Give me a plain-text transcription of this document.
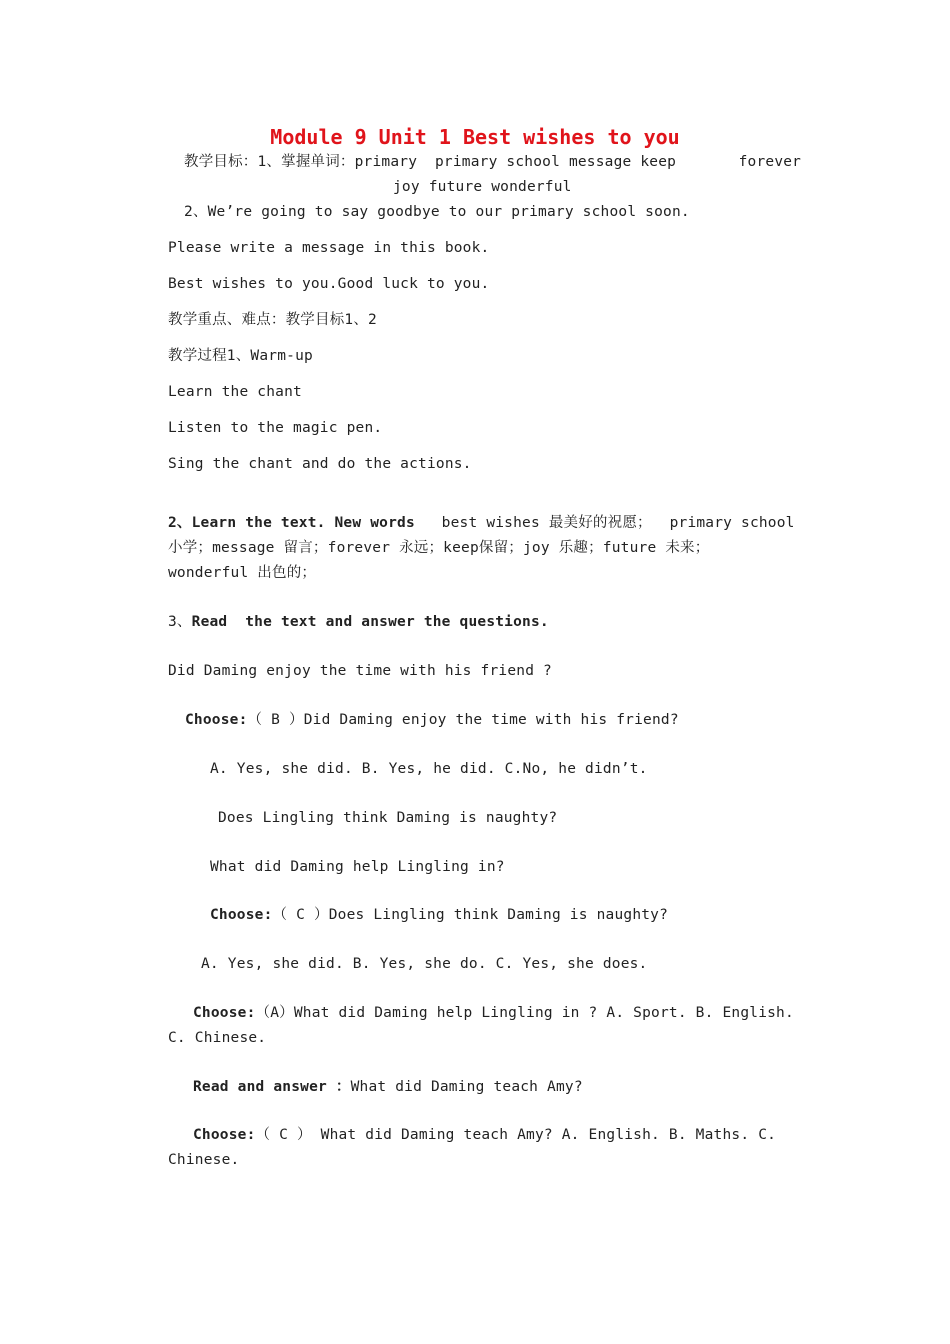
Module 9 Unit 1 Best wishes to you
教学目标：1、掌握单词：primary  primary school message keep       forever
joy future wonderful
2、We’re going to say goodbye to our primary school soon.
Please write a message in this book.
Best wishes to you.Good luck to you.
教学重点、难点：教学目标1、2
教学过程1、Warm-up
Learn the chant
Listen to the magic pen.
Sing the chant and do the actions.
2、Learn the text. New words   best wishes 最美好的祝愿；  primary school
小学；message 留言；forever 永远；keep保留；joy 乐趣；future 未来；
wonderful 出色的；
3、Read  the text and answer the questions.
Did Daming enjoy the time with his friend ?
Choose:（ B ）Did Daming enjoy the time with his friend?
A. Yes, she did. B. Yes, he did. C.No, he didn’t.
Does Lingling think Daming is naughty?
What did Daming help Lingling in?
Choose:（ C ）Does Lingling think Daming is naughty?
A. Yes, she did. B. Yes, she do. C. Yes, she does.
Choose:（A）What did Daming help Lingling in ? A. Sport. B. English.
C. Chinese.
Read and answer ：What did Daming teach Amy?
Choose:（ C ） What did Daming teach Amy? A. English. B. Maths. C.
Chinese.
